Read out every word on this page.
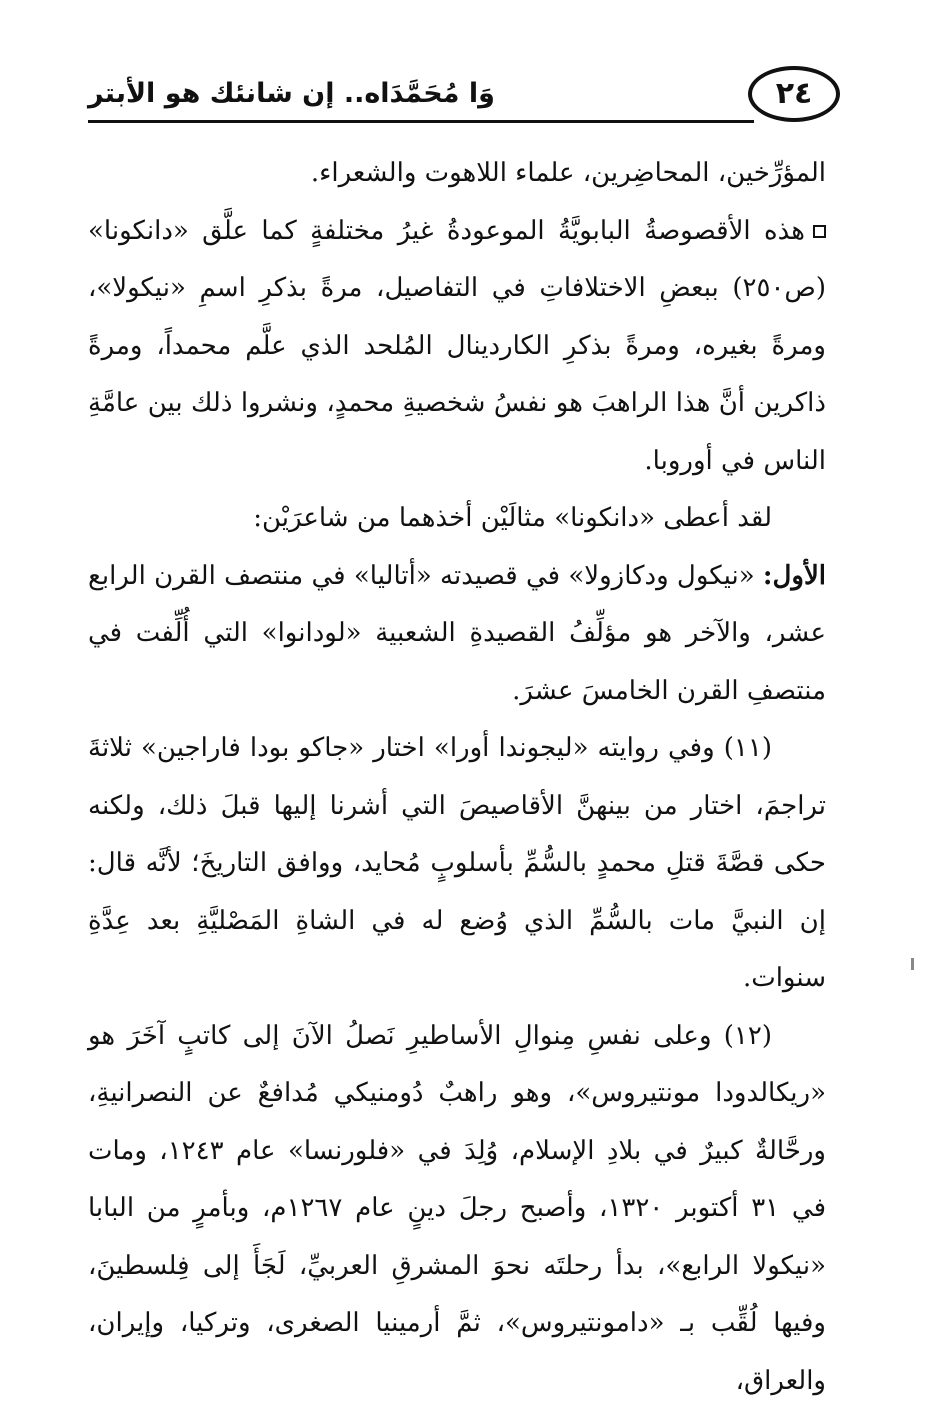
٢٤
وَا مُحَمَّدَاه.. إن شانئك هو الأبتر

المؤرِّخين، المحاضِرين، علماء اللاهوت والشعراء.

هذه الأقصوصةُ البابويَّةُ الموعودةُ غيرُ مختلفةٍ كما علَّق «دانكونا» (ص٢٥٠) ببعضِ الاختلافاتِ في التفاصيل، مرةً بذكرِ اسمِ «نيكولا»، ومرةً بغيره، ومرةً بذكرِ الكاردينال المُلحد الذي علَّم محمداً، ومرةً ذاكرين أنَّ هذا الراهبَ هو نفسُ شخصيةِ محمدٍ، ونشروا ذلك بين عامَّةِ الناس في أوروبا.

لقد أعطى «دانكونا» مثالَيْن أخذهما من شاعرَيْن:

الأول: «نيكول ودكازولا» في قصيدته «أتاليا» في منتصف القرن الرابع عشر، والآخر هو مؤلِّفُ القصيدةِ الشعبية «لودانوا» التي أُلِّفت في منتصفِ القرن الخامسَ عشرَ.

(١١) وفي روايته «ليجوندا أورا» اختار «جاكو بودا فاراجين» ثلاثةَ تراجمَ، اختار من بينهنَّ الأقاصيصَ التي أشرنا إليها قبلَ ذلك، ولكنه حكى قصَّةَ قتلِ محمدٍ بالسُّمِّ بأسلوبٍ مُحايد، ووافق التاريخَ؛ لأنَّه قال: إن النبيَّ مات بالسُّمِّ الذي وُضع له في الشاةِ المَصْليَّةِ بعد عِدَّةِ سنوات.

(١٢) وعلى نفسِ مِنوالِ الأساطيرِ نَصلُ الآنَ إلى كاتبٍ آخَرَ هو «ريكالدودا مونتيروس»، وهو راهبٌ دُومنيكي مُدافعٌ عن النصرانيةِ، ورحَّالةٌ كبيرٌ في بلادِ الإسلام، وُلِدَ في «فلورنسا» عام ١٢٤٣، ومات في ٣١ أكتوبر ١٣٢٠، وأصبح رجلَ دينٍ عام ١٢٦٧م، وبأمرٍ من البابا «نيكولا الرابع»، بدأ رحلتَه نحوَ المشرقِ العربيِّ، لَجَأَ إلى فِلسطينَ، وفيها لُقِّب بـ «دامونتيروس»، ثمَّ أرمينيا الصغرى، وتركيا، وإيران، والعراق،
